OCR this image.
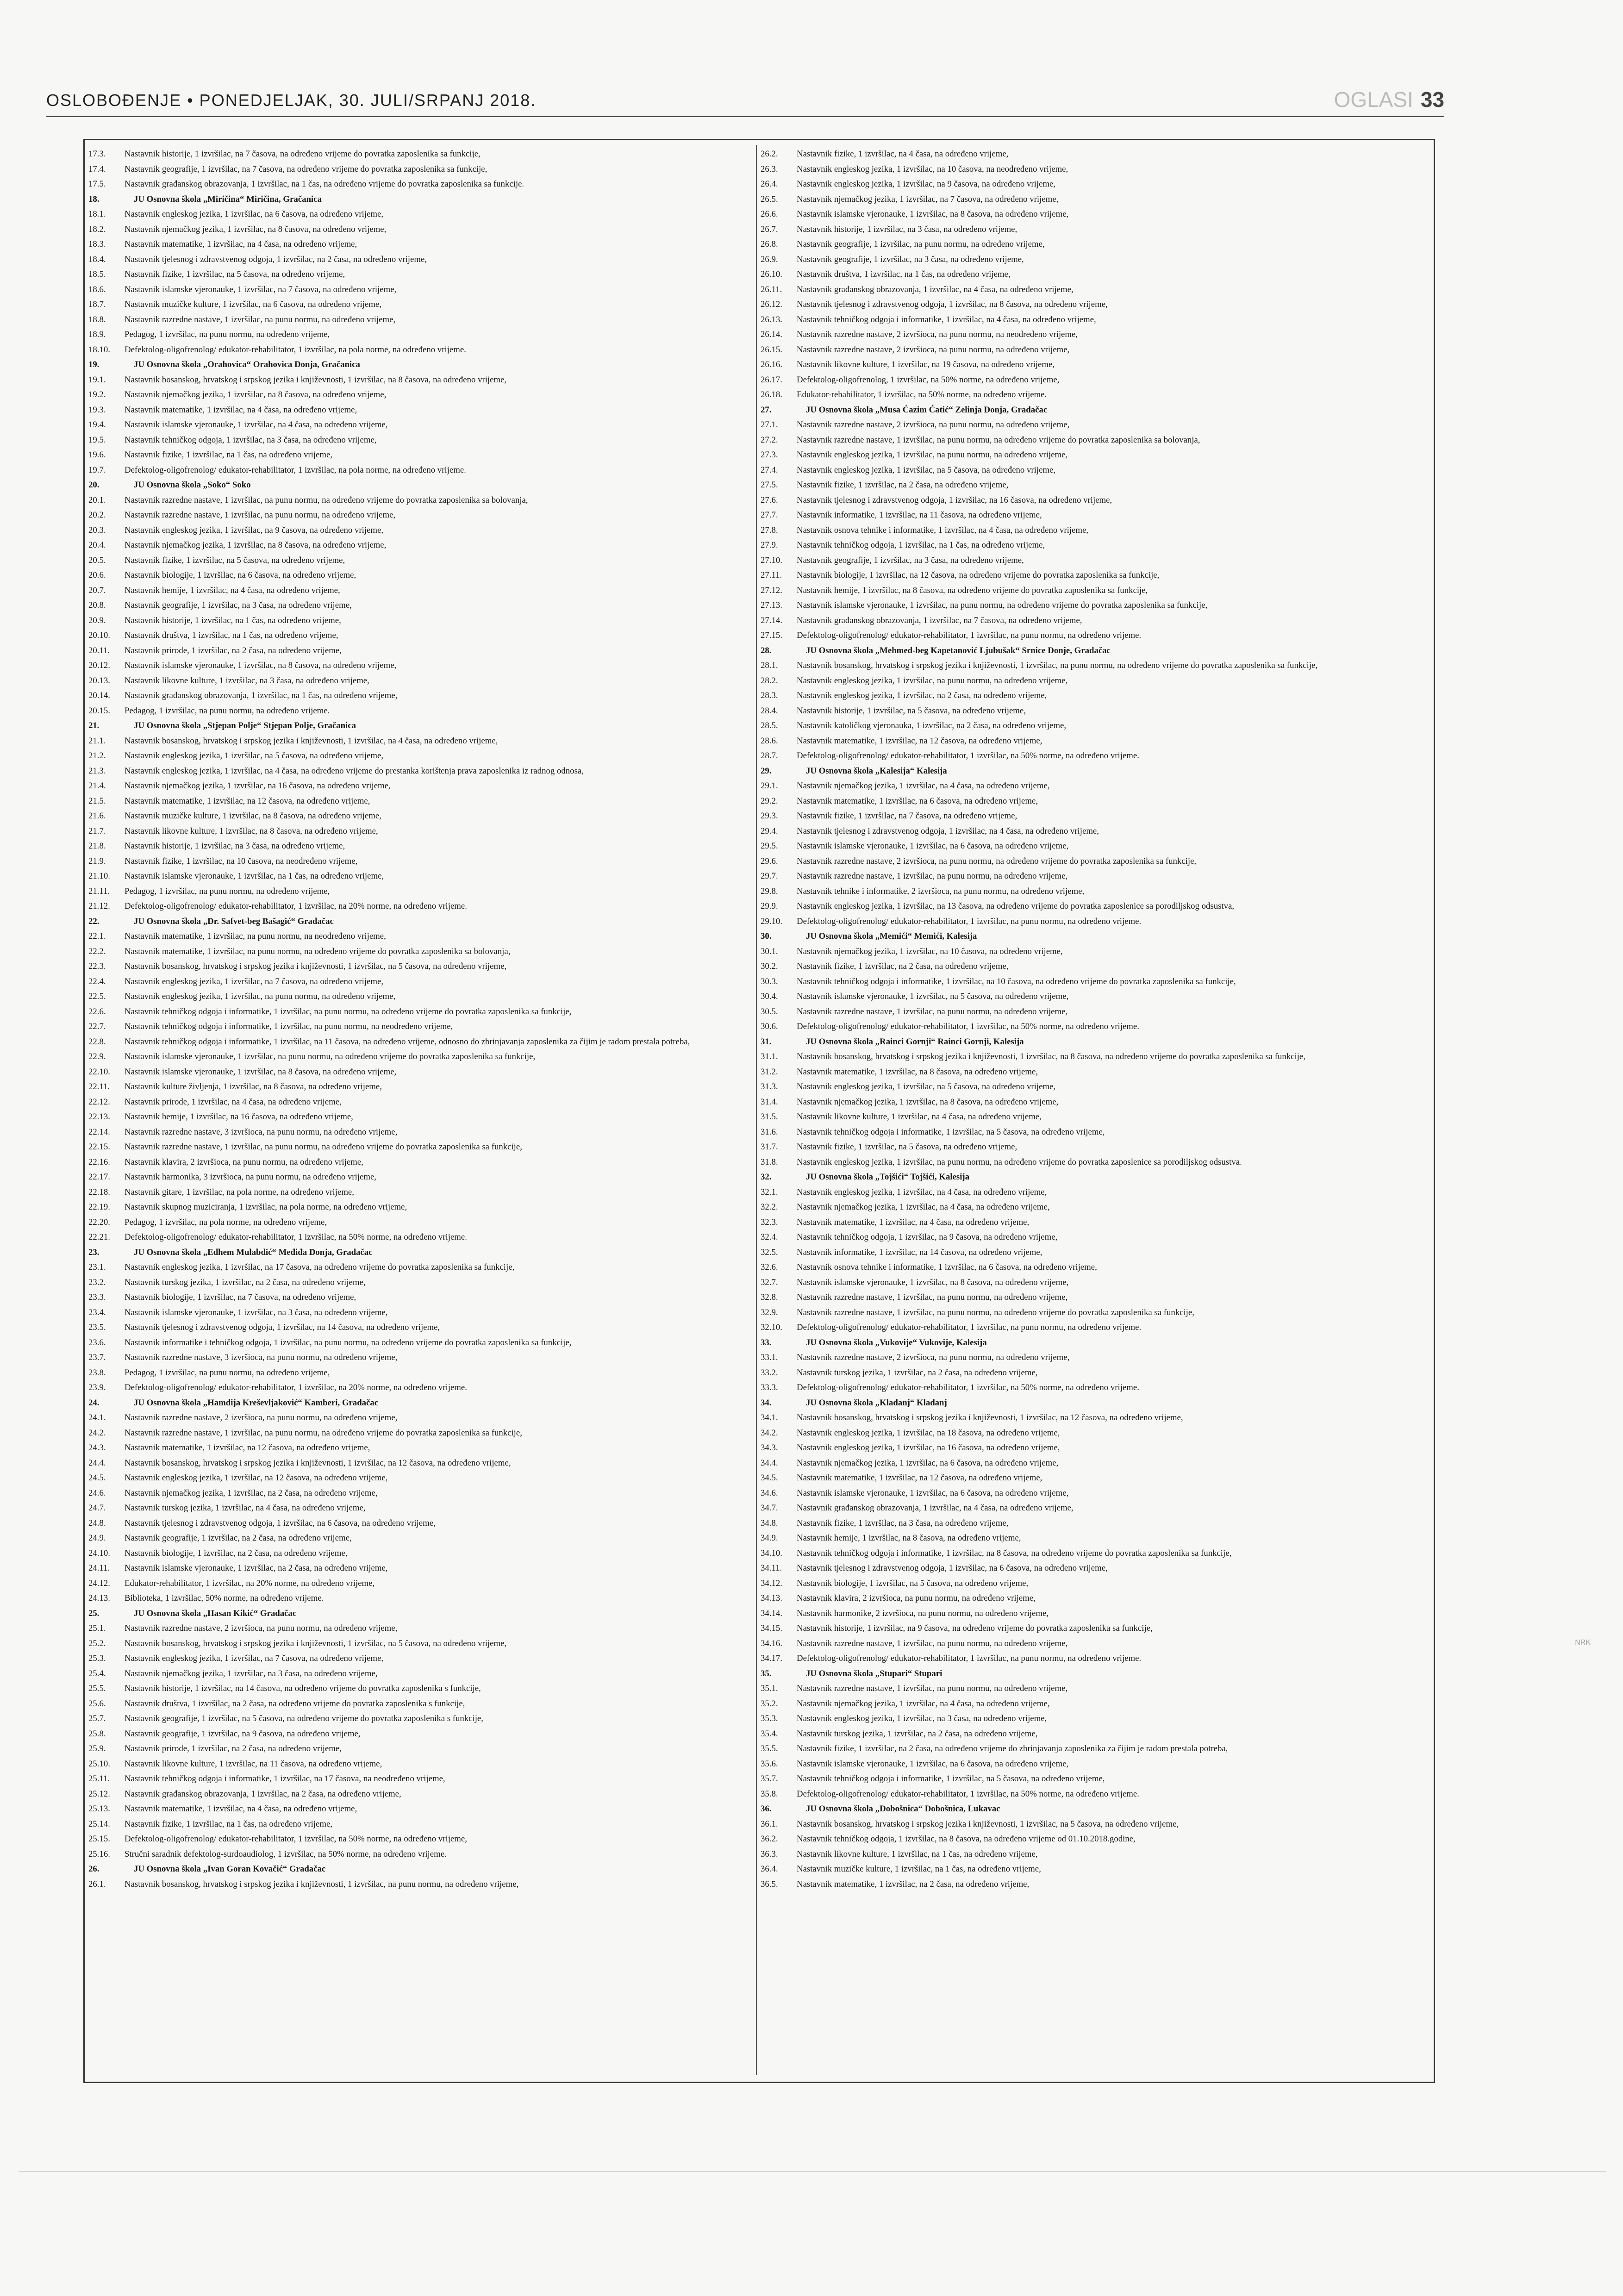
OSLOBOĐENJE • PONEDJELJAK, 30. JULI/SRPANJ 2018.	OGLASI 33
17.3.	Nastavnik historije, 1 izvršilac, na 7 časova, na određeno vrijeme do povratka zaposlenika sa funkcije,
17.4.	Nastavnik geografije, 1 izvršilac, na 7 časova, na određeno vrijeme do povratka zaposlenika sa funkcije,
17.5.	Nastavnik građanskog obrazovanja, 1 izvršilac, na 1 čas, na određeno vrijeme do povratka zaposlenika sa funkcije.
18.	JU Osnovna škola „Miričina“ Miričina, Gračanica
18.1.	Nastavnik engleskog jezika, 1 izvršilac, na 6 časova, na određeno vrijeme,
18.2.	Nastavnik njemačkog jezika, 1 izvršilac, na 8 časova, na određeno vrijeme,
18.3.	Nastavnik matematike, 1 izvršilac, na 4 časa, na određeno vrijeme,
18.4.	Nastavnik tjelesnog i zdravstvenog odgoja, 1 izvršilac, na 2 časa, na određeno vrijeme,
18.5.	Nastavnik fizike, 1 izvršilac, na 5 časova, na određeno vrijeme,
18.6.	Nastavnik islamske vjeronauke, 1 izvršilac, na 7 časova, na određeno vrijeme,
18.7.	Nastavnik muzičke kulture, 1 izvršilac, na 6 časova, na određeno vrijeme,
18.8.	Nastavnik razredne nastave, 1 izvršilac, na punu normu, na određeno vrijeme,
18.9.	Pedagog, 1 izvršilac, na punu normu, na određeno vrijeme,
18.10.	Defektolog-oligofrenolog/ edukator-rehabilitator, 1 izvršilac, na pola norme, na određeno vrijeme.
19.	JU Osnovna škola „Orahovica“ Orahovica Donja, Gračanica
19.1.	Nastavnik bosanskog, hrvatskog i srpskog jezika i književnosti, 1 izvršilac, na 8 časova, na određeno vrijeme,
19.2.	Nastavnik njemačkog jezika, 1 izvršilac, na 8 časova, na određeno vrijeme,
19.3.	Nastavnik matematike, 1 izvršilac, na 4 časa, na određeno vrijeme,
19.4.	Nastavnik islamske vjeronauke, 1 izvršilac, na 4 časa, na određeno vrijeme,
19.5.	Nastavnik tehničkog odgoja, 1 izvršilac, na 3 časa, na određeno vrijeme,
19.6.	Nastavnik fizike, 1 izvršilac, na 1 čas, na određeno vrijeme,
19.7.	Defektolog-oligofrenolog/ edukator-rehabilitator, 1 izvršilac, na pola norme, na određeno vrijeme.
20.	JU Osnovna škola „Soko“ Soko
20.1.	Nastavnik razredne nastave, 1 izvršilac, na punu normu, na određeno vrijeme do povratka zaposlenika sa bolovanja,
20.2.	Nastavnik razredne nastave, 1 izvršilac, na punu normu, na određeno vrijeme,
20.3.	Nastavnik engleskog jezika, 1 izvršilac, na 9 časova, na određeno vrijeme,
20.4.	Nastavnik njemačkog jezika, 1 izvršilac, na 8 časova, na određeno vrijeme,
20.5.	Nastavnik fizike, 1 izvršilac, na 5 časova, na određeno vrijeme,
20.6.	Nastavnik biologije, 1 izvršilac, na 6 časova, na određeno vrijeme,
20.7.	Nastavnik hemije, 1 izvršilac, na 4 časa, na određeno vrijeme,
20.8.	Nastavnik geografije, 1 izvršilac, na 3 časa, na određeno vrijeme,
20.9.	Nastavnik historije, 1 izvršilac, na 1 čas, na određeno vrijeme,
20.10.	Nastavnik društva, 1 izvršilac, na 1 čas, na određeno vrijeme,
20.11.	Nastavnik prirode, 1 izvršilac, na 2 časa, na određeno vrijeme,
20.12.	Nastavnik islamske vjeronauke, 1 izvršilac, na 8 časova, na određeno vrijeme,
20.13.	Nastavnik likovne kulture, 1 izvršilac, na 3 časa, na određeno vrijeme,
20.14.	Nastavnik građanskog obrazovanja, 1 izvršilac, na 1 čas, na određeno vrijeme,
20.15.	Pedagog, 1 izvršilac, na punu normu, na određeno vrijeme.
21.	JU Osnovna škola „Stjepan Polje“ Stjepan Polje, Gračanica
21.1.	Nastavnik bosanskog, hrvatskog i srpskog jezika i književnosti, 1 izvršilac, na 4 časa, na određeno vrijeme,
21.2.	Nastavnik engleskog jezika, 1 izvršilac, na 5 časova, na određeno vrijeme,
21.3.	Nastavnik engleskog jezika, 1 izvršilac, na 4 časa, na određeno vrijeme do prestanka korištenja prava zaposlenika iz radnog odnosa,
21.4.	Nastavnik njemačkog jezika, 1 izvršilac, na 16 časova, na određeno vrijeme,
21.5.	Nastavnik matematike, 1 izvršilac, na 12 časova, na određeno vrijeme,
21.6.	Nastavnik muzičke kulture, 1 izvršilac, na 8 časova, na određeno vrijeme,
21.7.	Nastavnik likovne kulture, 1 izvršilac, na 8 časova, na određeno vrijeme,
21.8.	Nastavnik historije, 1 izvršilac, na 3 časa, na određeno vrijeme,
21.9.	Nastavnik fizike, 1 izvršilac, na 10 časova, na neodređeno vrijeme,
21.10.	Nastavnik islamske vjeronauke, 1 izvršilac, na 1 čas, na određeno vrijeme,
21.11.	Pedagog, 1 izvršilac, na punu normu, na određeno vrijeme,
21.12.	Defektolog-oligofrenolog/ edukator-rehabilitator, 1 izvršilac, na 20% norme, na određeno vrijeme.
22.	JU Osnovna škola „Dr. Safvet-beg Bašagić“ Gradačac
22.1.	Nastavnik matematike, 1 izvršilac, na punu normu, na neodređeno vrijeme,
22.2.	Nastavnik matematike, 1 izvršilac, na punu normu, na određeno vrijeme do povratka zaposlenika sa bolovanja,
22.3.	Nastavnik bosanskog, hrvatskog i srpskog jezika i književnosti, 1 izvršilac, na 5 časova, na određeno vrijeme,
22.4.	Nastavnik engleskog jezika, 1 izvršilac, na 7 časova, na određeno vrijeme,
22.5.	Nastavnik engleskog jezika, 1 izvršilac, na punu normu, na određeno vrijeme,
22.6.	Nastavnik tehničkog odgoja i informatike, 1 izvršilac, na punu normu, na određeno vrijeme do povratka zaposlenika sa funkcije,
22.7.	Nastavnik tehničkog odgoja i informatike, 1 izvršilac, na punu normu, na neodređeno vrijeme,
22.8.	Nastavnik tehničkog odgoja i informatike, 1 izvršilac, na 11 časova, na određeno vrijeme, odnosno do zbrinjavanja zaposlenika za čijim je radom prestala potreba,
22.9.	Nastavnik islamske vjeronauke, 1 izvršilac, na punu normu, na određeno vrijeme do povratka zaposlenika sa funkcije,
22.10.	Nastavnik islamske vjeronauke, 1 izvršilac, na 8 časova, na određeno vrijeme,
22.11.	Nastavnik kulture življenja, 1 izvršilac, na 8 časova, na određeno vrijeme,
22.12.	Nastavnik prirode, 1 izvršilac, na 4 časa, na određeno vrijeme,
22.13.	Nastavnik hemije, 1 izvršilac, na 16 časova, na određeno vrijeme,
22.14.	Nastavnik razredne nastave, 3 izvršioca, na punu normu, na određeno vrijeme,
22.15.	Nastavnik razredne nastave, 1 izvršilac, na punu normu, na određeno vrijeme do povratka zaposlenika sa funkcije,
22.16.	Nastavnik klavira, 2 izvršioca, na punu normu, na određeno vrijeme,
22.17.	Nastavnik harmonika, 3 izvršioca, na punu normu, na određeno vrijeme,
22.18.	Nastavnik gitare, 1 izvršilac, na pola norme, na određeno vrijeme,
22.19.	Nastavnik skupnog muziciranja, 1 izvršilac, na pola norme, na određeno vrijeme,
22.20.	Pedagog, 1 izvršilac, na pola norme, na određeno vrijeme,
22.21.	Defektolog-oligofrenolog/ edukator-rehabilitator, 1 izvršilac, na 50% norme, na određeno vrijeme.
23.	JU Osnovna škola „Edhem Mulabdić“ Međiđa Donja, Gradačac
23.1.	Nastavnik engleskog jezika, 1 izvršilac, na 17 časova, na određeno vrijeme do povratka zaposlenika sa funkcije,
23.2.	Nastavnik turskog jezika, 1 izvršilac, na 2 časa, na određeno vrijeme,
23.3.	Nastavnik biologije, 1 izvršilac, na 7 časova, na određeno vrijeme,
23.4.	Nastavnik islamske vjeronauke, 1 izvršilac, na 3 časa, na određeno vrijeme,
23.5.	Nastavnik tjelesnog i zdravstvenog odgoja, 1 izvršilac, na 14 časova, na određeno vrijeme,
23.6.	Nastavnik informatike i tehničkog odgoja, 1 izvršilac, na punu normu, na određeno vrijeme do povratka zaposlenika sa funkcije,
23.7.	Nastavnik razredne nastave, 3 izvršioca, na punu normu, na određeno vrijeme,
23.8.	Pedagog, 1 izvršilac, na punu normu, na određeno vrijeme,
23.9.	Defektolog-oligofrenolog/ edukator-rehabilitator, 1 izvršilac, na 20% norme, na određeno vrijeme.
24.	JU Osnovna škola „Hamdija Kreševljaković“ Kamberi, Gradačac
24.1.	Nastavnik razredne nastave, 2 izvršioca, na punu normu, na određeno vrijeme,
24.2.	Nastavnik razredne nastave, 1 izvršilac, na punu normu, na određeno vrijeme do povratka zaposlenika sa funkcije,
24.3.	Nastavnik matematike, 1 izvršilac, na 12 časova, na određeno vrijeme,
24.4.	Nastavnik bosanskog, hrvatskog i srpskog jezika i književnosti, 1 izvršilac, na 12 časova, na određeno vrijeme,
24.5.	Nastavnik engleskog jezika, 1 izvršilac, na 12 časova, na određeno vrijeme,
24.6.	Nastavnik njemačkog jezika, 1 izvršilac, na 2 časa, na određeno vrijeme,
24.7.	Nastavnik turskog jezika, 1 izvršilac, na 4 časa, na određeno vrijeme,
24.8.	Nastavnik tjelesnog i zdravstvenog odgoja, 1 izvršilac, na 6 časova, na određeno vrijeme,
24.9.	Nastavnik geografije, 1 izvršilac, na 2 časa, na određeno vrijeme,
24.10.	Nastavnik biologije, 1 izvršilac, na 2 časa, na određeno vrijeme,
24.11.	Nastavnik islamske vjeronauke, 1 izvršilac, na 2 časa, na određeno vrijeme,
24.12.	Edukator-rehabilitator, 1 izvršilac, na 20% norme, na određeno vrijeme,
24.13.	Biblioteka, 1 izvršilac, 50% norme, na određeno vrijeme.
25.	JU Osnovna škola „Hasan Kikić“ Gradačac
25.1.	Nastavnik razredne nastave, 2 izvršioca, na punu normu, na određeno vrijeme,
25.2.	Nastavnik bosanskog, hrvatskog i srpskog jezika i književnosti, 1 izvršilac, na 5 časova, na određeno vrijeme,
25.3.	Nastavnik engleskog jezika, 1 izvršilac, na 7 časova, na određeno vrijeme,
25.4.	Nastavnik njemačkog jezika, 1 izvršilac, na 3 časa, na određeno vrijeme,
25.5.	Nastavnik historije, 1 izvršilac, na 14 časova, na određeno vrijeme do povratka zaposlenika s funkcije,
25.6.	Nastavnik društva, 1 izvršilac, na 2 časa, na određeno vrijeme do povratka zaposlenika s funkcije,
25.7.	Nastavnik geografije, 1 izvršilac, na 5 časova, na određeno vrijeme do povratka zaposlenika s funkcije,
25.8.	Nastavnik geografije, 1 izvršilac, na 9 časova, na određeno vrijeme,
25.9.	Nastavnik prirode, 1 izvršilac, na 2 časa, na određeno vrijeme,
25.10.	Nastavnik likovne kulture, 1 izvršilac, na 11 časova, na određeno vrijeme,
25.11.	Nastavnik tehničkog odgoja i informatike, 1 izvršilac, na 17 časova, na neodređeno vrijeme,
25.12.	Nastavnik građanskog obrazovanja, 1 izvršilac, na 2 časa, na određeno vrijeme,
25.13.	Nastavnik matematike, 1 izvršilac, na 4 časa, na određeno vrijeme,
25.14.	Nastavnik fizike, 1 izvršilac, na 1 čas, na određeno vrijeme,
25.15.	Defektolog-oligofrenolog/ edukator-rehabilitator, 1 izvršilac, na 50% norme, na određeno vrijeme,
25.16.	Stručni saradnik defektolog-surdoaudiolog, 1 izvršilac, na 50% norme, na određeno vrijeme.
26.	JU Osnovna škola „Ivan Goran Kovačić“ Gradačac
26.1.	Nastavnik bosanskog, hrvatskog i srpskog jezika i književnosti, 1 izvršilac, na punu normu, na određeno vrijeme,
26.2.	Nastavnik fizike, 1 izvršilac, na 4 časa, na određeno vrijeme,
26.3.	Nastavnik engleskog jezika, 1 izvršilac, na 10 časova, na neodređeno vrijeme,
26.4.	Nastavnik engleskog jezika, 1 izvršilac, na 9 časova, na određeno vrijeme,
26.5.	Nastavnik njemačkog jezika, 1 izvršilac, na 7 časova, na određeno vrijeme,
26.6.	Nastavnik islamske vjeronauke, 1 izvršilac, na 8 časova, na određeno vrijeme,
26.7.	Nastavnik historije, 1 izvršilac, na 3 časa, na određeno vrijeme,
26.8.	Nastavnik geografije, 1 izvršilac, na punu normu, na određeno vrijeme,
26.9.	Nastavnik geografije, 1 izvršilac, na 3 časa, na određeno vrijeme,
26.10.	Nastavnik društva, 1 izvršilac, na 1 čas, na određeno vrijeme,
26.11.	Nastavnik građanskog obrazovanja, 1 izvršilac, na 4 časa, na određeno vrijeme,
26.12.	Nastavnik tjelesnog i zdravstvenog odgoja, 1 izvršilac, na 8 časova, na određeno vrijeme,
26.13.	Nastavnik tehničkog odgoja i informatike, 1 izvršilac, na 4 časa, na određeno vrijeme,
26.14.	Nastavnik razredne nastave, 2 izvršioca, na punu normu, na neodređeno vrijeme,
26.15.	Nastavnik razredne nastave, 2 izvršioca, na punu normu, na određeno vrijeme,
26.16.	Nastavnik likovne kulture, 1 izvršilac, na 19 časova, na određeno vrijeme,
26.17.	Defektolog-oligofrenolog, 1 izvršilac, na 50% norme, na određeno vrijeme,
26.18.	Edukator-rehabilitator, 1 izvršilac, na 50% norme, na određeno vrijeme.
27.	JU Osnovna škola „Musa Ćazim Ćatić“ Zelinja Donja, Gradačac
27.1.	Nastavnik razredne nastave, 2 izvršioca, na punu normu, na određeno vrijeme,
27.2.	Nastavnik razredne nastave, 1 izvršilac, na punu normu, na određeno vrijeme do povratka zaposlenika sa bolovanja,
27.3.	Nastavnik engleskog jezika, 1 izvršilac, na punu normu, na određeno vrijeme,
27.4.	Nastavnik engleskog jezika, 1 izvršilac, na 5 časova, na određeno vrijeme,
27.5.	Nastavnik fizike, 1 izvršilac, na 2 časa, na određeno vrijeme,
27.6.	Nastavnik tjelesnog i zdravstvenog odgoja, 1 izvršilac, na 16 časova, na određeno vrijeme,
27.7.	Nastavnik informatike, 1 izvršilac, na 11 časova, na određeno vrijeme,
27.8.	Nastavnik osnova tehnike i informatike, 1 izvršilac, na 4 časa, na određeno vrijeme,
27.9.	Nastavnik tehničkog odgoja, 1 izvršilac, na 1 čas, na određeno vrijeme,
27.10.	Nastavnik geografije, 1 izvršilac, na 3 časa, na određeno vrijeme,
27.11.	Nastavnik biologije, 1 izvršilac, na 12 časova, na određeno vrijeme do povratka zaposlenika sa funkcije,
27.12.	Nastavnik hemije, 1 izvršilac, na 8 časova, na određeno vrijeme do povratka zaposlenika sa funkcije,
27.13.	Nastavnik islamske vjeronauke, 1 izvršilac, na punu normu, na određeno vrijeme do povratka zaposlenika sa funkcije,
27.14.	Nastavnik građanskog obrazovanja, 1 izvršilac, na 7 časova, na određeno vrijeme,
27.15.	Defektolog-oligofrenolog/ edukator-rehabilitator, 1 izvršilac, na punu normu, na određeno vrijeme.
28.	JU Osnovna škola „Mehmed-beg Kapetanović Ljubušak“ Srnice Donje, Gradačac
28.1.	Nastavnik bosanskog, hrvatskog i srpskog jezika i književnosti, 1 izvršilac, na punu normu, na određeno vrijeme do povratka zaposlenika sa funkcije,
28.2.	Nastavnik engleskog jezika, 1 izvršilac, na punu normu, na određeno vrijeme,
28.3.	Nastavnik engleskog jezika, 1 izvršilac, na 2 časa, na određeno vrijeme,
28.4.	Nastavnik historije, 1 izvršilac, na 5 časova, na određeno vrijeme,
28.5.	Nastavnik katoličkog vjeronauka, 1 izvršilac, na 2 časa, na određeno vrijeme,
28.6.	Nastavnik matematike, 1 izvršilac, na 12 časova, na određeno vrijeme,
28.7.	Defektolog-oligofrenolog/ edukator-rehabilitator, 1 izvršilac, na 50% norme, na određeno vrijeme.
29.	JU Osnovna škola „Kalesija“ Kalesija
29.1.	Nastavnik njemačkog jezika, 1 izvršilac, na 4 časa, na određeno vrijeme,
29.2.	Nastavnik matematike, 1 izvršilac, na 6 časova, na određeno vrijeme,
29.3.	Nastavnik fizike, 1 izvršilac, na 7 časova, na određeno vrijeme,
29.4.	Nastavnik tjelesnog i zdravstvenog odgoja, 1 izvršilac, na 4 časa, na određeno vrijeme,
29.5.	Nastavnik islamske vjeronauke, 1 izvršilac, na 6 časova, na određeno vrijeme,
29.6.	Nastavnik razredne nastave, 2 izvršioca, na punu normu, na određeno vrijeme do povratka zaposlenika sa funkcije,
29.7.	Nastavnik razredne nastave, 1 izvršilac, na punu normu, na određeno vrijeme,
29.8.	Nastavnik tehnike i informatike, 2 izvršioca, na punu normu, na određeno vrijeme,
29.9.	Nastavnik engleskog jezika, 1 izvršilac, na 13 časova, na određeno vrijeme do povratka zaposlenice sa porodiljskog odsustva,
29.10.	Defektolog-oligofrenolog/ edukator-rehabilitator, 1 izvršilac, na punu normu, na određeno vrijeme.
30.	JU Osnovna škola „Memići“ Memići, Kalesija
30.1.	Nastavnik njemačkog jezika, 1 izvršilac, na 10 časova, na određeno vrijeme,
30.2.	Nastavnik fizike, 1 izvršilac, na 2 časa, na određeno vrijeme,
30.3.	Nastavnik tehničkog odgoja i informatike, 1 izvršilac, na 10 časova, na određeno vrijeme do povratka zaposlenika sa funkcije,
30.4.	Nastavnik islamske vjeronauke, 1 izvršilac, na 5 časova, na određeno vrijeme,
30.5.	Nastavnik razredne nastave, 1 izvršilac, na punu normu, na određeno vrijeme,
30.6.	Defektolog-oligofrenolog/ edukator-rehabilitator, 1 izvršilac, na 50% norme, na određeno vrijeme.
31.	JU Osnovna škola „Rainci Gornji“ Rainci Gornji, Kalesija
31.1.	Nastavnik bosanskog, hrvatskog i srpskog jezika i književnosti, 1 izvršilac, na 8 časova, na određeno vrijeme do povratka zaposlenika sa funkcije,
31.2.	Nastavnik matematike, 1 izvršilac, na 8 časova, na određeno vrijeme,
31.3.	Nastavnik engleskog jezika, 1 izvršilac, na 5 časova, na određeno vrijeme,
31.4.	Nastavnik njemačkog jezika, 1 izvršilac, na 8 časova, na određeno vrijeme,
31.5.	Nastavnik likovne kulture, 1 izvršilac, na 4 časa, na određeno vrijeme,
31.6.	Nastavnik tehničkog odgoja i informatike, 1 izvršilac, na 5 časova, na određeno vrijeme,
31.7.	Nastavnik fizike, 1 izvršilac, na 5 časova, na određeno vrijeme,
31.8.	Nastavnik engleskog jezika, 1 izvršilac, na punu normu, na određeno vrijeme do povratka zaposlenice sa porodiljskog odsustva.
32.	JU Osnovna škola „Tojšići“ Tojšići, Kalesija
32.1.	Nastavnik engleskog jezika, 1 izvršilac, na 4 časa, na određeno vrijeme,
32.2.	Nastavnik njemačkog jezika, 1 izvršilac, na 4 časa, na određeno vrijeme,
32.3.	Nastavnik matematike, 1 izvršilac, na 4 časa, na određeno vrijeme,
32.4.	Nastavnik tehničkog odgoja, 1 izvršilac, na 9 časova, na određeno vrijeme,
32.5.	Nastavnik informatike, 1 izvršilac, na 14 časova, na određeno vrijeme,
32.6.	Nastavnik osnova tehnike i informatike, 1 izvršilac, na 6 časova, na određeno vrijeme,
32.7.	Nastavnik islamske vjeronauke, 1 izvršilac, na 8 časova, na određeno vrijeme,
32.8.	Nastavnik razredne nastave, 1 izvršilac, na punu normu, na određeno vrijeme,
32.9.	Nastavnik razredne nastave, 1 izvršilac, na punu normu, na određeno vrijeme do povratka zaposlenika sa funkcije,
32.10.	Defektolog-oligofrenolog/ edukator-rehabilitator, 1 izvršilac, na punu normu, na određeno vrijeme.
33.	JU Osnovna škola „Vukovije“ Vukovije, Kalesija
33.1.	Nastavnik razredne nastave, 2 izvršioca, na punu normu, na određeno vrijeme,
33.2.	Nastavnik turskog jezika, 1 izvršilac, na 2 časa, na određeno vrijeme,
33.3.	Defektolog-oligofrenolog/ edukator-rehabilitator, 1 izvršilac, na 50% norme, na određeno vrijeme.
34.	JU Osnovna škola „Kladanj“ Kladanj
34.1.	Nastavnik bosanskog, hrvatskog i srpskog jezika i književnosti, 1 izvršilac, na 12 časova, na određeno vrijeme,
34.2.	Nastavnik engleskog jezika, 1 izvršilac, na 18 časova, na određeno vrijeme,
34.3.	Nastavnik engleskog jezika, 1 izvršilac, na 16 časova, na određeno vrijeme,
34.4.	Nastavnik njemačkog jezika, 1 izvršilac, na 6 časova, na određeno vrijeme,
34.5.	Nastavnik matematike, 1 izvršilac, na 12 časova, na određeno vrijeme,
34.6.	Nastavnik islamske vjeronauke, 1 izvršilac, na 6 časova, na određeno vrijeme,
34.7.	Nastavnik građanskog obrazovanja, 1 izvršilac, na 4 časa, na određeno vrijeme,
34.8.	Nastavnik fizike, 1 izvršilac, na 3 časa, na određeno vrijeme,
34.9.	Nastavnik hemije, 1 izvršilac, na 8 časova, na određeno vrijeme,
34.10.	Nastavnik tehničkog odgoja i informatike, 1 izvršilac, na 8 časova, na određeno vrijeme do povratka zaposlenika sa funkcije,
34.11.	Nastavnik tjelesnog i zdravstvenog odgoja, 1 izvršilac, na 6 časova, na određeno vrijeme,
34.12.	Nastavnik biologije, 1 izvršilac, na 5 časova, na određeno vrijeme,
34.13.	Nastavnik klavira, 2 izvršioca, na punu normu, na određeno vrijeme,
34.14.	Nastavnik harmonike, 2 izvršioca, na punu normu, na određeno vrijeme,
34.15.	Nastavnik historije, 1 izvršilac, na 9 časova, na određeno vrijeme do povratka zaposlenika sa funkcije,
34.16.	Nastavnik razredne nastave, 1 izvršilac, na punu normu, na određeno vrijeme,
34.17.	Defektolog-oligofrenolog/ edukator-rehabilitator, 1 izvršilac, na punu normu, na određeno vrijeme.
35.	JU Osnovna škola „Stupari“ Stupari
35.1.	Nastavnik razredne nastave, 1 izvršilac, na punu normu, na određeno vrijeme,
35.2.	Nastavnik njemačkog jezika, 1 izvršilac, na 4 časa, na određeno vrijeme,
35.3.	Nastavnik engleskog jezika, 1 izvršilac, na 3 časa, na određeno vrijeme,
35.4.	Nastavnik turskog jezika, 1 izvršilac, na 2 časa, na određeno vrijeme,
35.5.	Nastavnik fizike, 1 izvršilac, na 2 časa, na određeno vrijeme do zbrinjavanja zaposlenika za čijim je radom prestala potreba,
35.6.	Nastavnik islamske vjeronauke, 1 izvršilac, na 6 časova, na određeno vrijeme,
35.7.	Nastavnik tehničkog odgoja i informatike, 1 izvršilac, na 5 časova, na određeno vrijeme,
35.8.	Defektolog-oligofrenolog/ edukator-rehabilitator, 1 izvršilac, na 50% norme, na određeno vrijeme.
36.	JU Osnovna škola „Dobošnica“ Dobošnica, Lukavac
36.1.	Nastavnik bosanskog, hrvatskog i srpskog jezika i književnosti, 1 izvršilac, na 5 časova, na određeno vrijeme,
36.2.	Nastavnik tehničkog odgoja, 1 izvršilac, na 8 časova, na određeno vrijeme od 01.10.2018.godine,
36.3.	Nastavnik likovne kulture, 1 izvršilac, na 1 čas, na određeno vrijeme,
36.4.	Nastavnik muzičke kulture, 1 izvršilac, na 1 čas, na određeno vrijeme,
36.5.	Nastavnik matematike, 1 izvršilac, na 2 časa, na određeno vrijeme,
NRK
